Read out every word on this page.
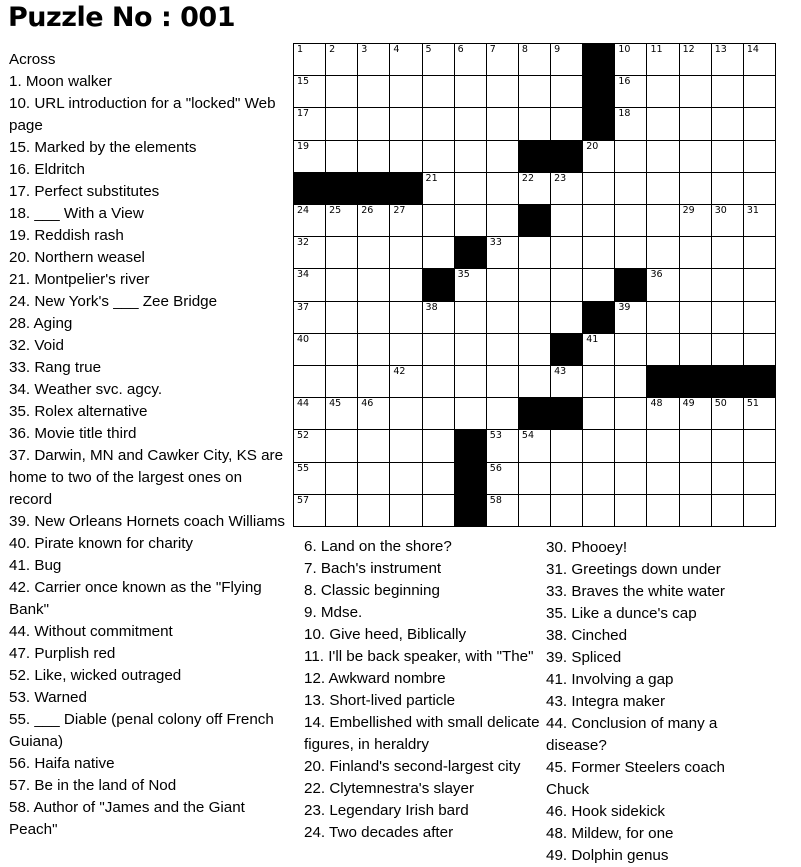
Puzzle No : 001
Across
1. Moon walker
10. URL introduction for a "locked" Web page
15. Marked by the elements
16. Eldritch
17. Perfect substitutes
18. ___ With a View
19. Reddish rash
20. Northern weasel
21. Montpelier's river
24. New York's ___ Zee Bridge
28. Aging
32. Void
33. Rang true
34. Weather svc. agcy.
35. Rolex alternative
36. Movie title third
37. Darwin, MN and Cawker City, KS are home to two of the largest ones on record
39. New Orleans Hornets coach Williams
40. Pirate known for charity
41. Bug
42. Carrier once known as the "Flying Bank"
44. Without commitment
47. Purplish red
52. Like, wicked outraged
53. Warned
55. ___ Diable (penal colony off French Guiana)
56. Haifa native
57. Be in the land of Nod
58. Author of "James and the Giant Peach"
1	2	3	4	5	6	7	8	9	10 11 12 13 14
15	16
17	18
19	20
21	22 23
24 25 26 27	29 30 31
32	33
34	35	36
37	38	39
40	41
42	43
44 45 46	48 49 50 51
52	53 54
55	56
57	58
6. Land on the shore?
7. Bach's instrument
8. Classic beginning
9. Mdse.
10. Give heed, Biblically
11. I'll be back speaker, with "The"
12. Awkward nombre
13. Short-lived particle
14. Embellished with small delicate figures, in heraldry
20. Finland's second-largest city
22. Clytemnestra's slayer
23. Legendary Irish bard
24. Two decades after
30. Phooey!
31. Greetings down under
33. Braves the white water
35. Like a dunce's cap
38. Cinched
39. Spliced
41. Involving a gap
43. Integra maker
44. Conclusion of many a disease?
45. Former Steelers coach Chuck
46. Hook sidekick
48. Mildew, for one
49. Dolphin genus
